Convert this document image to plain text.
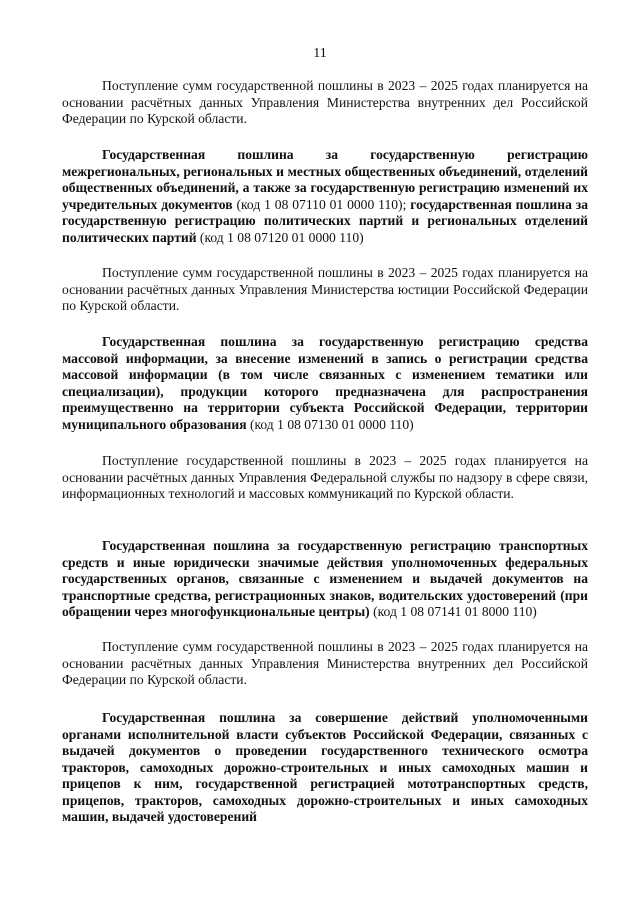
11

Поступление сумм государственной пошлины в 2023 – 2025 годах планируется на основании расчётных данных Управления Министерства внутренних дел Российской Федерации по Курской области.

Государственная пошлина за государственную регистрацию межрегиональных, региональных и местных общественных объединений, отделений общественных объединений, а также за государственную регистрацию изменений их учредительных документов (код 1 08 07110 01 0000 110); государственная пошлина за государственную регистрацию политических партий и региональных отделений политических партий (код 1 08 07120 01 0000 110)

Поступление сумм государственной пошлины в 2023 – 2025 годах планируется на основании расчётных данных Управления Министерства юстиции Российской Федерации по Курской области.

Государственная пошлина за государственную регистрацию средства массовой информации, за внесение изменений в запись о регистрации средства массовой информации (в том числе связанных с изменением тематики или специализации), продукции которого предназначена для распространения преимущественно на территории субъекта Российской Федерации, территории муниципального образования (код 1 08 07130 01 0000 110)

Поступление государственной пошлины в 2023 – 2025 годах планируется на основании расчётных данных Управления Федеральной службы по надзору в сфере связи, информационных технологий и массовых коммуникаций по Курской области.

Государственная пошлина за государственную регистрацию транспортных средств и иные юридически значимые действия уполномоченных федеральных государственных органов, связанные с изменением и выдачей документов на транспортные средства, регистрационных знаков, водительских удостоверений (при обращении через многофункциональные центры) (код 1 08 07141 01 8000 110)

Поступление сумм государственной пошлины в 2023 – 2025 годах планируется на основании расчётных данных Управления Министерства внутренних дел Российской Федерации по Курской области.

Государственная пошлина за совершение действий уполномоченными органами исполнительной власти субъектов Российской Федерации, связанных с выдачей документов о проведении государственного технического осмотра тракторов, самоходных дорожно-строительных и иных самоходных машин и прицепов к ним, государственной регистрацией мототранспортных средств, прицепов, тракторов, самоходных дорожно-строительных и иных самоходных машин, выдачей удостоверений
